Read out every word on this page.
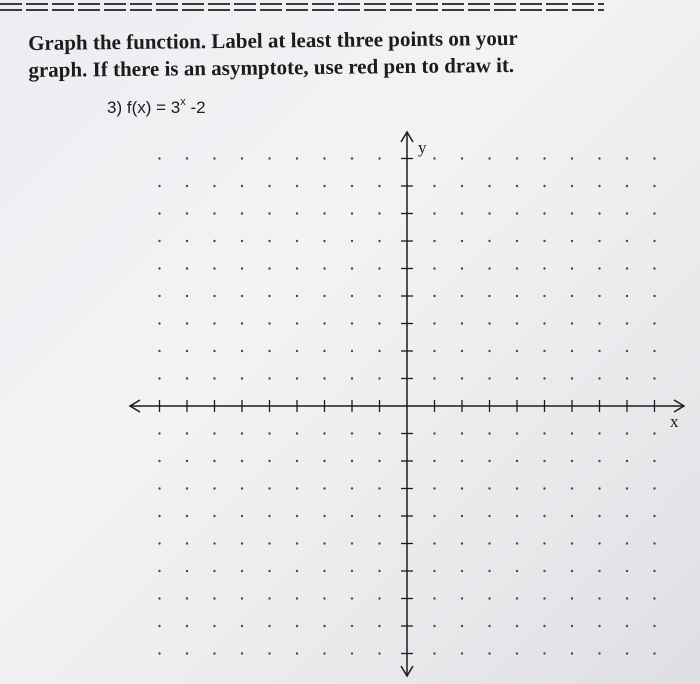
Graph the function. Label at least three points on your
graph. If there is an asymptote, use red pen to draw it.
3) $f(x) = 3^x$ -2
y
x
